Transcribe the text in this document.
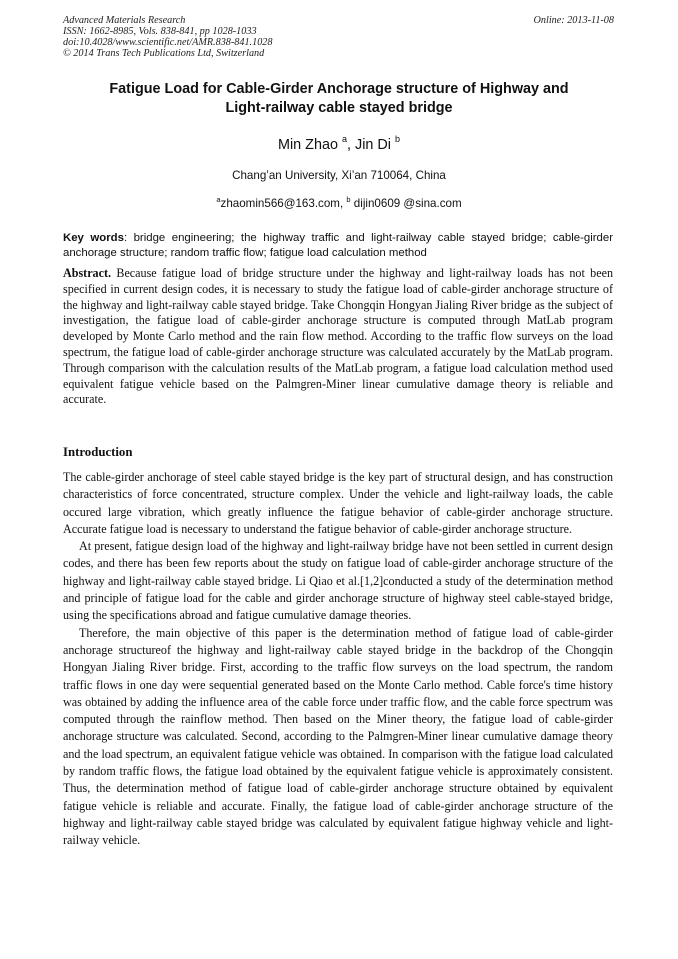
Advanced Materials Research
ISSN: 1662-8985, Vols. 838-841, pp 1028-1033
doi:10.4028/www.scientific.net/AMR.838-841.1028
© 2014 Trans Tech Publications Ltd, Switzerland
Online: 2013-11-08
Fatigue Load for Cable-Girder Anchorage structure of Highway and
Light-railway cable stayed bridge
Min Zhao $^a$, Jin Di $^b$
Chang’an University, Xi’an 710064, China
$^a$zhaomin566@163.com, $^b$ dijin0609 @sina.com
Key words: bridge engineering; the highway traffic and light-railway cable stayed bridge; cable-girder anchorage structure; random traffic flow; fatigue load calculation method
Abstract. Because fatigue load of bridge structure under the highway and light-railway loads has not been specified in current design codes, it is necessary to study the fatigue load of cable-girder anchorage structure of the highway and light-railway cable stayed bridge. Take Chongqin Hongyan Jialing River bridge as the subject of investigation, the fatigue load of cable-girder anchorage structure is computed through MatLab program developed by Monte Carlo method and the rain flow method. According to the traffic flow surveys on the load spectrum, the fatigue load of cable-girder anchorage structure was calculated accurately by the MatLab program. Through comparison with the calculation results of the MatLab program, a fatigue load calculation method used equivalent fatigue vehicle based on the Palmgren-Miner linear cumulative damage theory is reliable and accurate.
Introduction

The cable-girder anchorage of steel cable stayed bridge is the key part of structural design, and has construction characteristics of force concentrated, structure complex. Under the vehicle and light-railway loads, the cable occured large vibration, which greatly influence the fatigue behavior of cable-girder anchorage structure. Accurate fatigue load is necessary to understand the fatigue behavior of cable-girder anchorage structure.

At present, fatigue design load of the highway and light-railway bridge have not been settled in current design codes, and there has been few reports about the study on fatigue load of cable-girder anchorage structure of the highway and light-railway cable stayed bridge. Li Qiao et al.[1,2]conducted a study of the determination method and principle of fatigue load for the cable and girder anchorage structure of highway steel cable-stayed bridge, using the specifications abroad and fatigue cumulative damage theories.

Therefore, the main objective of this paper is the determination method of fatigue load of cable-girder anchorage structureof the highway and light-railway cable stayed bridge in the backdrop of the Chongqin Hongyan Jialing River bridge. First, according to the traffic flow surveys on the load spectrum, the random traffic flows in one day were sequential generated based on the Monte Carlo method. Cable force's time history was obtained by adding the influence area of the cable force under traffic flow, and the cable force spectrum was computed through the rainflow method. Then based on the Miner theory, the fatigue load of cable-girder anchorage structure was calculated. Second, according to the Palmgren-Miner linear cumulative damage theory and the load spectrum, an equivalent fatigue vehicle was obtained. In comparison with the fatigue load calculated by random traffic flows, the fatigue load obtained by the equivalent fatigue vehicle is approximately consistent. Thus, the determination method of fatigue load of cable-girder anchorage structure obtained by equivalent fatigue vehicle is reliable and accurate. Finally, the fatigue load of cable-girder anchorage structure of the highway and light-railway cable stayed bridge was calculated by equivalent fatigue highway vehicle and light-railway vehicle.
